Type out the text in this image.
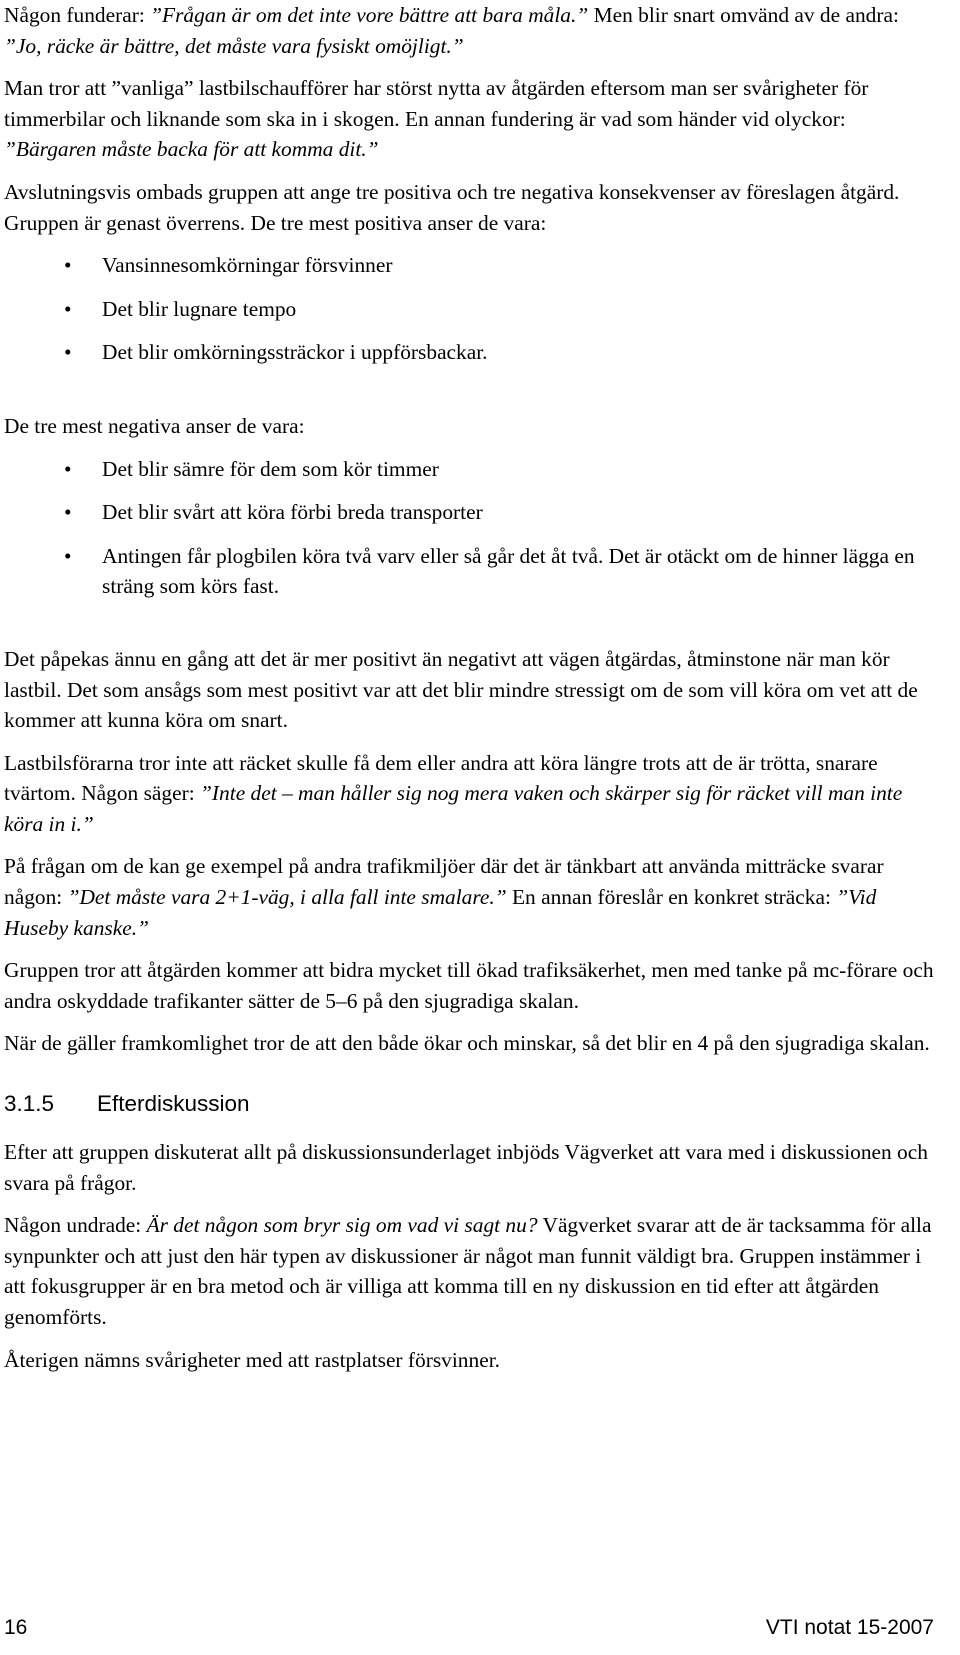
Någon funderar: ”Frågan är om det inte vore bättre att bara måla.” Men blir snart omvänd av de andra: ”Jo, räcke är bättre, det måste vara fysiskt omöjligt.”

Man tror att ”vanliga” lastbilschaufförer har störst nytta av åtgärden eftersom man ser svårigheter för timmerbilar och liknande som ska in i skogen. En annan fundering är vad som händer vid olyckor: ”Bärgaren måste backa för att komma dit.”

Avslutningsvis ombads gruppen att ange tre positiva och tre negativa konsekvenser av föreslagen åtgärd. Gruppen är genast överrens. De tre mest positiva anser de vara:

• Vansinnesomkörningar försvinner
• Det blir lugnare tempo
• Det blir omkörningssträckor i uppförsbackar.

De tre mest negativa anser de vara:

• Det blir sämre för dem som kör timmer
• Det blir svårt att köra förbi breda transporter
• Antingen får plogbilen köra två varv eller så går det åt två. Det är otäckt om de hinner lägga en sträng som körs fast.

Det påpekas ännu en gång att det är mer positivt än negativt att vägen åtgärdas, åtminstone när man kör lastbil. Det som ansågs som mest positivt var att det blir mindre stressigt om de som vill köra om vet att de kommer att kunna köra om snart.

Lastbilsförarna tror inte att räcket skulle få dem eller andra att köra längre trots att de är trötta, snarare tvärtom. Någon säger: ”Inte det – man håller sig nog mera vaken och skärper sig för räcket vill man inte köra in i.”

På frågan om de kan ge exempel på andra trafikmiljöer där det är tänkbart att använda mitträcke svarar någon: ”Det måste vara 2+1-väg, i alla fall inte smalare.” En annan föreslår en konkret sträcka: ”Vid Huseby kanske.”

Gruppen tror att åtgärden kommer att bidra mycket till ökad trafiksäkerhet, men med tanke på mc-förare och andra oskyddade trafikanter sätter de 5–6 på den sjugradiga skalan.

När de gäller framkomlighet tror de att den både ökar och minskar, så det blir en 4 på den sjugradiga skalan.

3.1.5 Efterdiskussion

Efter att gruppen diskuterat allt på diskussionsunderlaget inbjöds Vägverket att vara med i diskussionen och svara på frågor.

Någon undrade: Är det någon som bryr sig om vad vi sagt nu? Vägverket svarar att de är tacksamma för alla synpunkter och att just den här typen av diskussioner är något man funnit väldigt bra. Gruppen instämmer i att fokusgrupper är en bra metod och är villiga att komma till en ny diskussion en tid efter att åtgärden genomförts.

Återigen nämns svårigheter med att rastplatser försvinner.

16	VTI notat 15-2007
